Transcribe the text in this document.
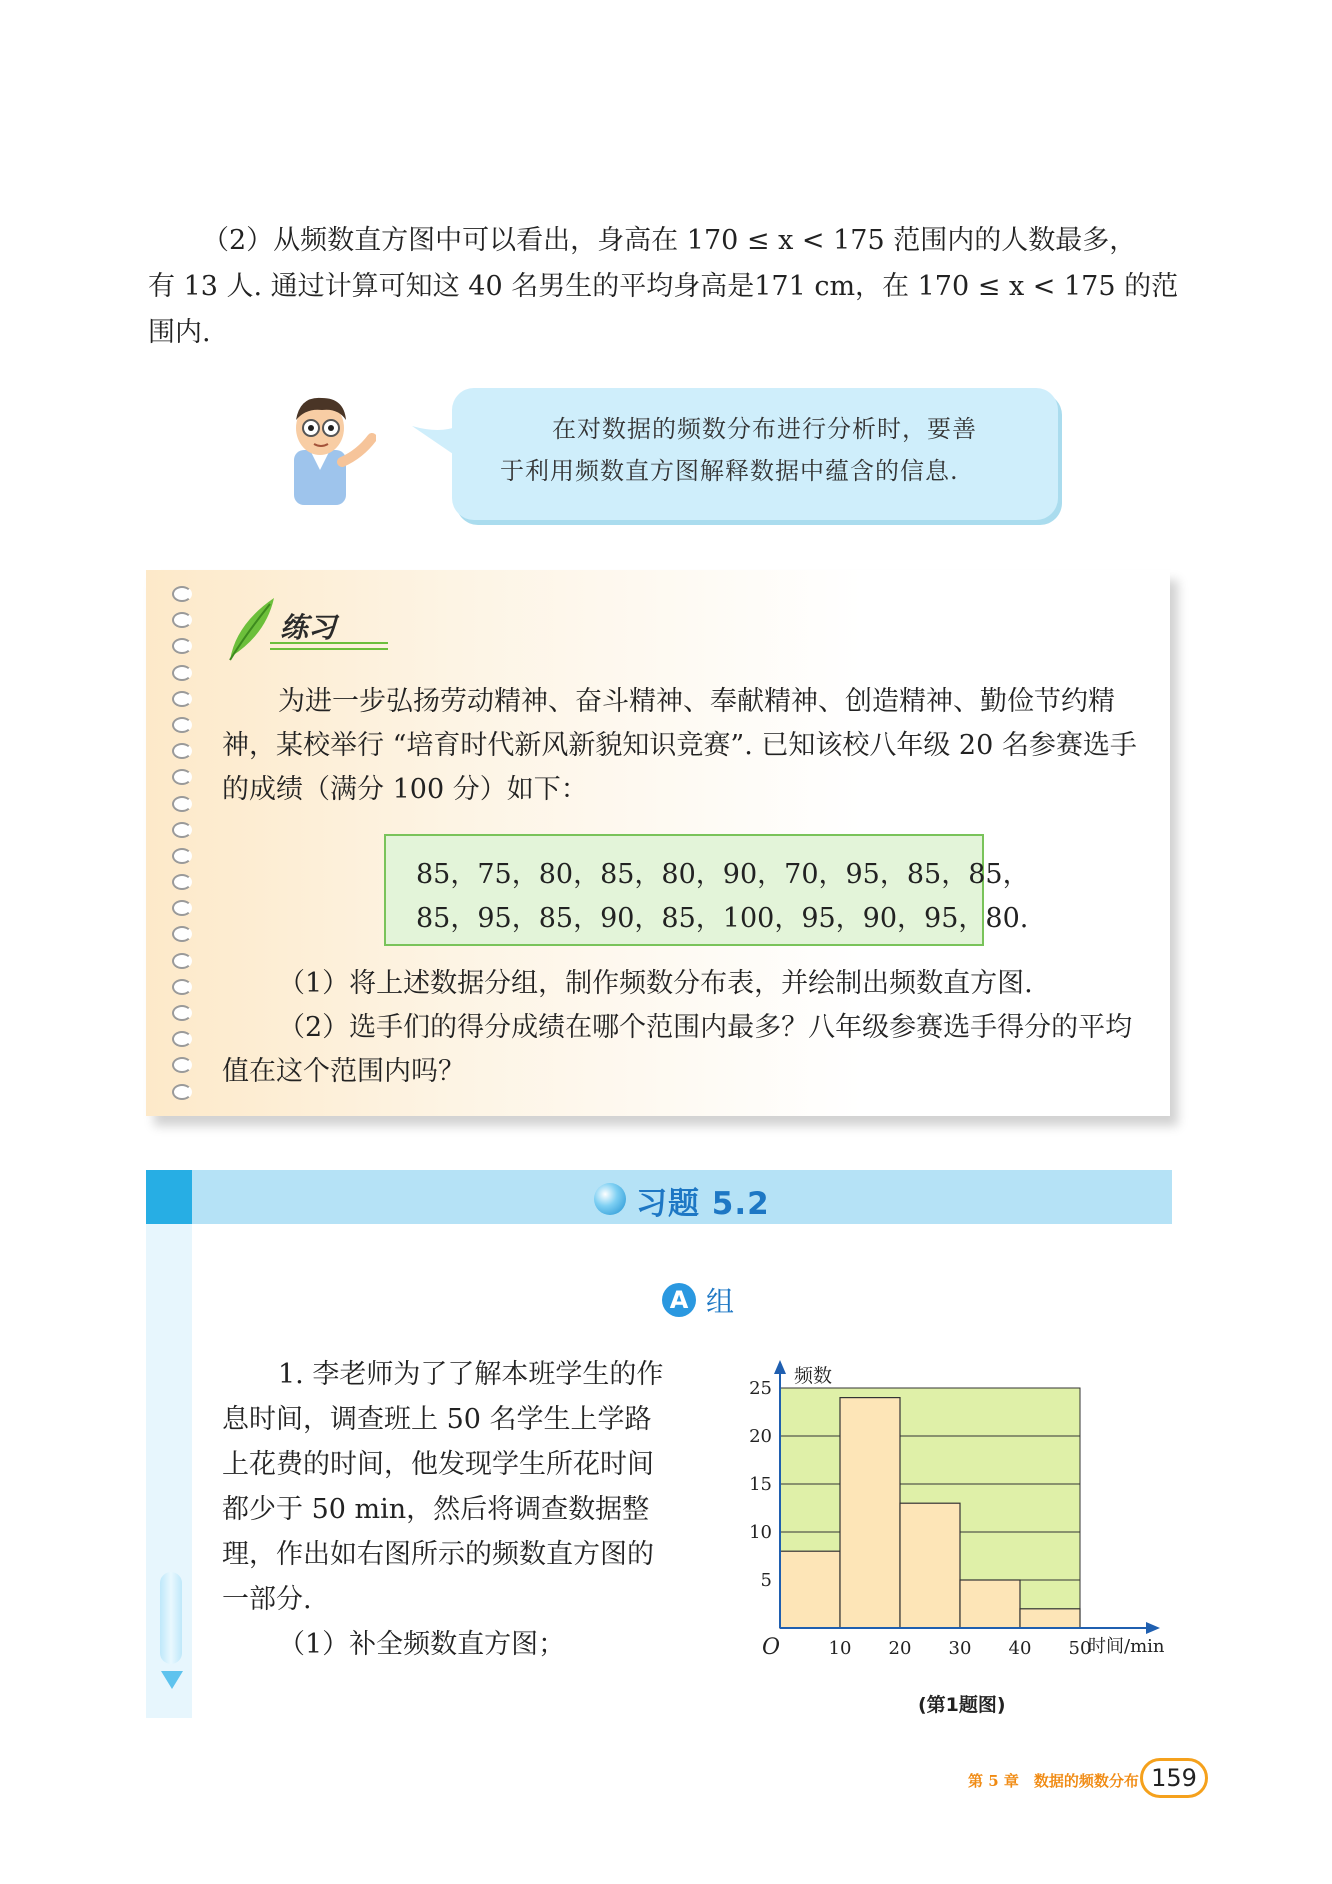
（2）从频数直方图中可以看出，身高在 170 ≤ x < 175 范围内的人数最多，
有 13 人. 通过计算可知这 40 名男生的平均身高是171 cm，在 170 ≤ x < 175 的范
围内.
在对数据的频数分布进行分析时，要善
于利用频数直方图解释数据中蕴含的信息.
练习
为进一步弘扬劳动精神、奋斗精神、奉献精神、创造精神、勤俭节约精
神，某校举行 “培育时代新风新貌知识竞赛”. 已知该校八年级 20 名参赛选手
的成绩（满分 100 分）如下：
85，75，80，85，80，90，70，95，85，85，
85，95，85，90，85，100，95，90，95，80.
（1）将上述数据分组，制作频数分布表，并绘制出频数直方图.
（2）选手们的得分成绩在哪个范围内最多？八年级参赛选手得分的平均
值在这个范围内吗？
习题 5.2
A 组
1. 李老师为了了解本班学生的作
息时间，调查班上 50 名学生上学路
上花费的时间，他发现学生所花时间
都少于 50 min，然后将调查数据整
理，作出如右图所示的频数直方图的
一部分.
（1）补全频数直方图；
5
10
15
20
25
10 20 30 40 50
O
频数
时间/min
(第1题图)
第 5 章　数据的频数分布 159
